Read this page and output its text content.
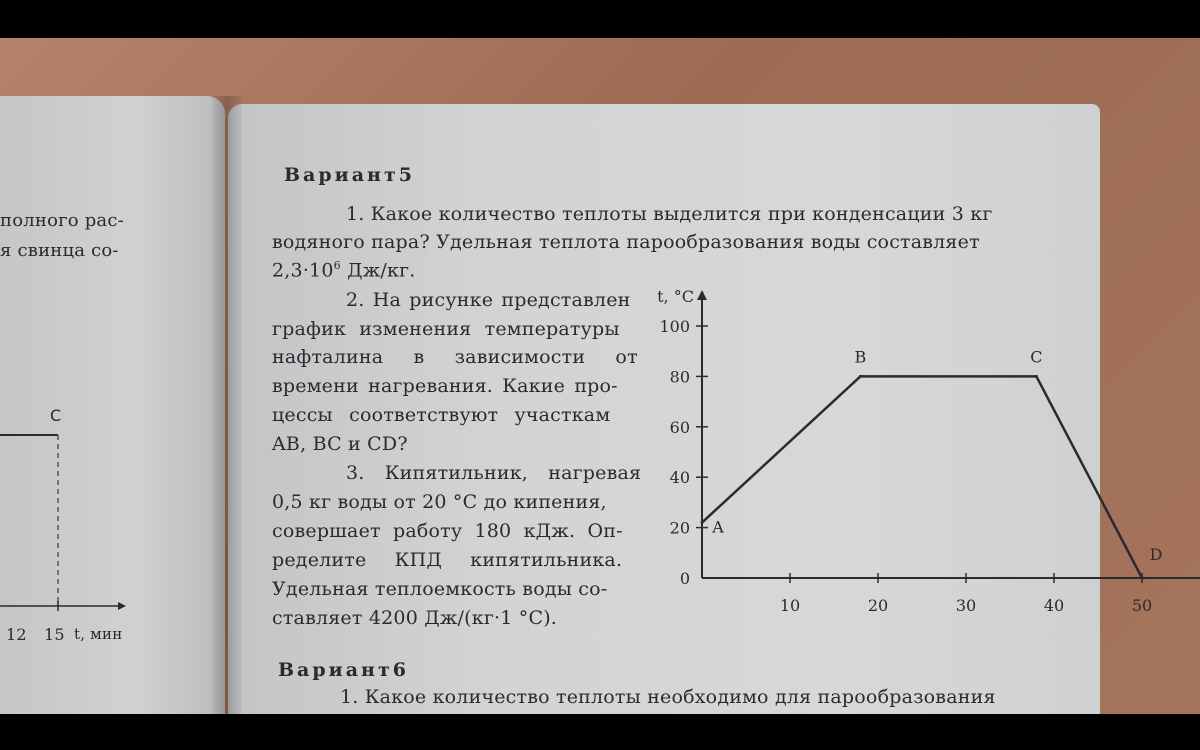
полного рас-
я свинца со-
C
12 15 t, мин
Вариант5
1. Какое количество теплоты выделится при конденсации 3 кг
водяного пара? Удельная теплота парообразования воды составляет
$2,3\cdot 10^6$ Дж/кг.
2. На рисунке представлен
график изменения температуры
нафталина в зависимости от
времени нагревания. Какие про-
цессы соответствуют участкам
AB, BC и CD?
3. Кипятильник, нагревая
0,5 кг воды от 20 °С до кипения,
совершает работу 180 кДж. Оп-
ределите КПД кипятильника.
Удельная теплоемкость воды со-
ставляет 4200 Дж/(кг·1 °С).
10	20	30	40	50
0
20
40
60
80
100
t, °C
A
B	C
D
Вариант6
1. Какое количество теплоты необходимо для парообразования
